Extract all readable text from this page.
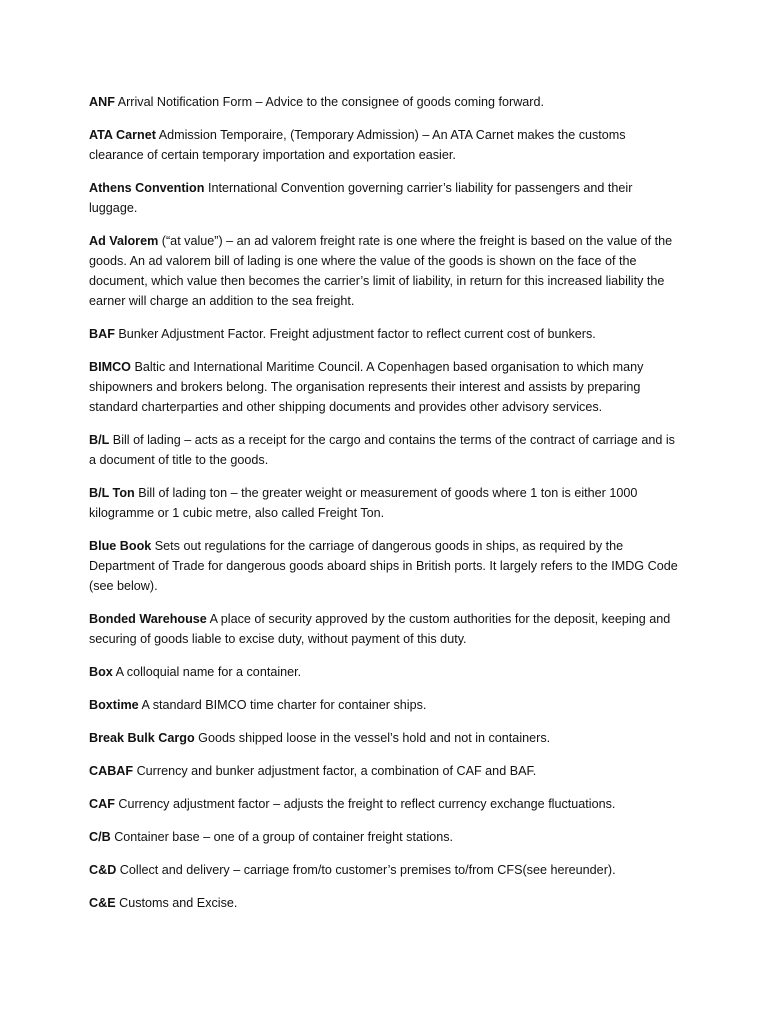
ANF Arrival Notification Form – Advice to the consignee of goods coming forward.

ATA Carnet Admission Temporaire, (Temporary Admission) – An ATA Carnet makes the customs clearance of certain temporary importation and exportation easier.

Athens Convention International Convention governing carrier’s liability for passengers and their luggage.

Ad Valorem (“at value”) – an ad valorem freight rate is one where the freight is based on the value of the goods. An ad valorem bill of lading is one where the value of the goods is shown on the face of the document, which value then becomes the carrier’s limit of liability, in return for this increased liability the earner will charge an addition to the sea freight.

BAF Bunker Adjustment Factor. Freight adjustment factor to reflect current cost of bunkers.

BIMCO Baltic and International Maritime Council. A Copenhagen based organisation to which many shipowners and brokers belong. The organisation represents their interest and assists by preparing standard charterparties and other shipping documents and provides other advisory services.

B/L Bill of lading – acts as a receipt for the cargo and contains the terms of the contract of carriage and is a document of title to the goods.

B/L Ton Bill of lading ton – the greater weight or measurement of goods where 1 ton is either 1000 kilogramme or 1 cubic metre, also called Freight Ton.

Blue Book Sets out regulations for the carriage of dangerous goods in ships, as required by the Department of Trade for dangerous goods aboard ships in British ports. It largely refers to the IMDG Code (see below).

Bonded Warehouse A place of security approved by the custom authorities for the deposit, keeping and securing of goods liable to excise duty, without payment of this duty.

Box A colloquial name for a container.

Boxtime A standard BIMCO time charter for container ships.

Break Bulk Cargo Goods shipped loose in the vessel’s hold and not in containers.

CABAF Currency and bunker adjustment factor, a combination of CAF and BAF.

CAF Currency adjustment factor – adjusts the freight to reflect currency exchange fluctuations.

C/B Container base – one of a group of container freight stations.

C&D Collect and delivery – carriage from/to customer’s premises to/from CFS(see hereunder).

C&E Customs and Excise.
